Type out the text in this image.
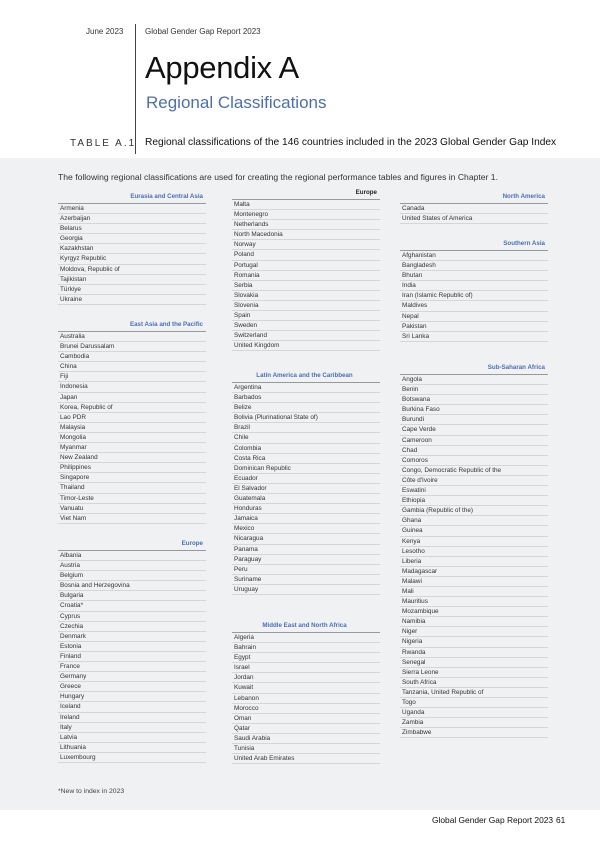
June 2023	Global Gender Gap Report 2023
Appendix A
Regional Classifications
TABLE A.1 Regional classifications of the 146 countries included in the 2023 Global Gender Gap Index
The following regional classifications are used for creating the regional performance tables and figures in Chapter 1.
Eurasia and Central Asia
Armenia
Azerbaijan
Belarus
Georgia
Kazakhstan
Kyrgyz Republic
Moldova, Republic of
Tajikistan
Türkiye
Ukraine
East Asia and the Pacific
Australia
Brunei Darussalam
Cambodia
China
Fiji
Indonesia
Japan
Korea, Republic of
Lao PDR
Malaysia
Mongolia
Myanmar
New Zealand
Philippines
Singapore
Thailand
Timor-Leste
Vanuatu
Viet Nam
Europe
Albania
Austria
Belgium
Bosnia and Herzegovina
Bulgaria
Croatia*
Cyprus
Czechia
Denmark
Estonia
Finland
France
Germany
Greece
Hungary
Iceland
Ireland
Italy
Latvia
Lithuania
Luxembourg
Europe
Malta
Montenegro
Netherlands
North Macedonia
Norway
Poland
Portugal
Romania
Serbia
Slovakia
Slovenia
Spain
Sweden
Switzerland
United Kingdom
Latin America and the Caribbean
Argentina
Barbados
Belize
Bolivia (Plurinational State of)
Brazil
Chile
Colombia
Costa Rica
Dominican Republic
Ecuador
El Salvador
Guatemala
Honduras
Jamaica
Mexico
Nicaragua
Panama
Paraguay
Peru
Suriname
Uruguay
Middle East and North Africa
Algeria
Bahrain
Egypt
Israel
Jordan
Kuwait
Lebanon
Morocco
Oman
Qatar
Saudi Arabia
Tunisia
United Arab Emirates
North America
Canada
United States of America
Southern Asia
Afghanistan
Bangladesh
Bhutan
India
Iran (Islamic Republic of)
Maldives
Nepal
Pakistan
Sri Lanka
Sub-Saharan Africa
Angola
Benin
Botswana
Burkina Faso
Burundi
Cape Verde
Cameroon
Chad
Comoros
Congo, Democratic Republic of the
Côte d'Ivoire
Eswatini
Ethiopia
Gambia (Republic of the)
Ghana
Guinea
Kenya
Lesotho
Liberia
Madagascar
Malawi
Mali
Mauritius
Mozambique
Namibia
Niger
Nigeria
Rwanda
Senegal
Sierra Leone
South Africa
Tanzania, United Republic of
Togo
Uganda
Zambia
Zimbabwe
*New to index in 2023
Global Gender Gap Report 2023 61
